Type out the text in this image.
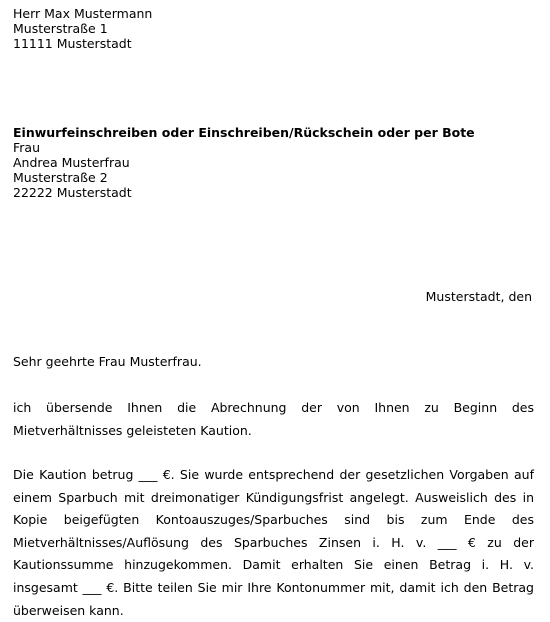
Herr Max Mustermann
Musterstraße 1
11111 Musterstadt
Einwurfeinschreiben oder Einschreiben/Rückschein oder per Bote
Frau
Andrea Musterfrau
Musterstraße 2
22222 Musterstadt
Musterstadt, den
Sehr geehrte Frau Musterfrau.
ich übersende Ihnen die Abrechnung der von Ihnen zu Beginn des Mietverhältnisses geleisteten Kaution.
Die Kaution betrug ___ €. Sie wurde entsprechend der gesetzlichen Vorgaben auf einem Sparbuch mit dreimonatiger Kündigungsfrist angelegt. Ausweislich des in Kopie beigefügten Kontoauszuges/Sparbuches sind bis zum Ende des Mietverhältnisses/Auflösung des Sparbuches Zinsen i. H. v. ___ € zu der Kautionssumme hinzugekommen. Damit erhalten Sie einen Betrag i. H. v. insgesamt ___ €. Bitte teilen Sie mir Ihre Kontonummer mit, damit ich den Betrag überweisen kann.
